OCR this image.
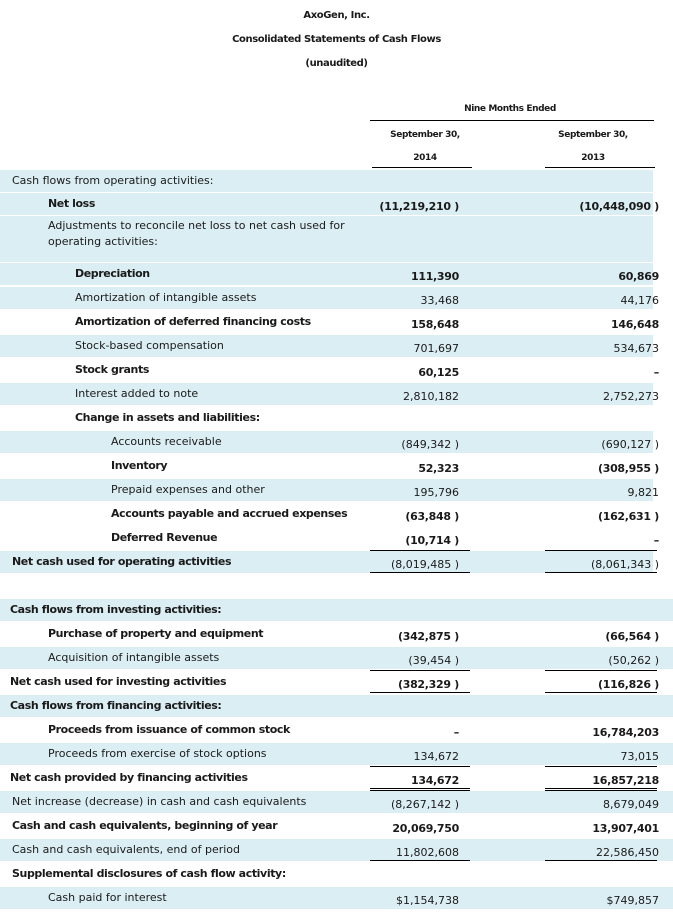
AxoGen, Inc.
Consolidated Statements of Cash Flows
(unaudited)
Nine Months Ended
September 30,
2014
September 30,
2013
Cash flows from operating activities:
Net loss	(11,219,210 )	(10,448,090 )
Adjustments to reconcile net loss to net cash used for operating activities:
Depreciation	111,390	60,869
Amortization of intangible assets	33,468	44,176
Amortization of deferred financing costs	158,648	146,648
Stock-based compensation	701,697	534,673
Stock grants	60,125	–
Interest added to note	2,810,182	2,752,273
Change in assets and liabilities:
Accounts receivable	(849,342 )	(690,127 )
Inventory	52,323	(308,955 )
Prepaid expenses and other	195,796	9,821
Accounts payable and accrued expenses	(63,848 )	(162,631 )
Deferred Revenue	(10,714 )	–
Net cash used for operating activities	(8,019,485 )	(8,061,343 )
Cash flows from investing activities:
Purchase of property and equipment	(342,875 )	(66,564 )
Acquisition of intangible assets	(39,454 )	(50,262 )
Net cash used for investing activities	(382,329 )	(116,826 )
Cash flows from financing activities:
Proceeds from issuance of common stock	–	16,784,203
Proceeds from exercise of stock options	134,672	73,015
Net cash provided by financing activities	134,672	16,857,218
Net increase (decrease) in cash and cash equivalents	(8,267,142 )	8,679,049
Cash and cash equivalents, beginning of year	20,069,750	13,907,401
Cash and cash equivalents, end of period	11,802,608	22,586,450
Supplemental disclosures of cash flow activity:
Cash paid for interest	$1,154,738	$749,857
